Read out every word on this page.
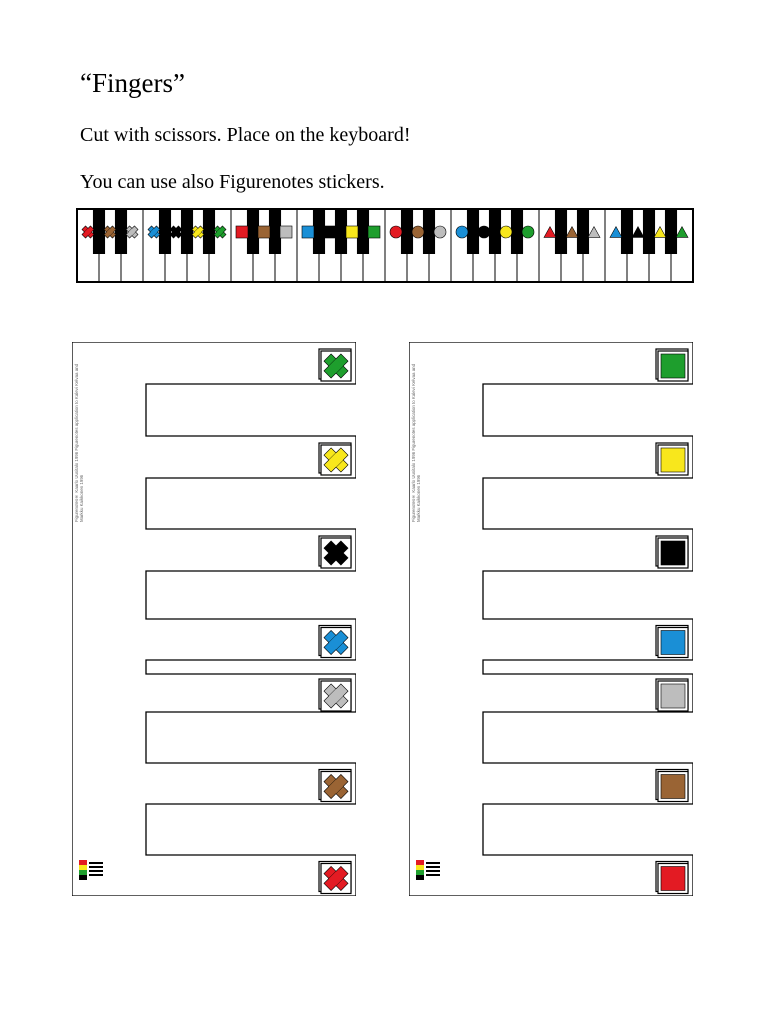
“Fingers”

Cut with scissors. Place on the keyboard!

You can use also Figurenotes stickers.

Figurenotes® Kaarlo Uusitalo 1996 Figurenotes application to Kalevi Kelvaa and Markku Kaikkonen 1996	Figurenotes® Kaarlo Uusitalo 1996 Figurenotes application to Kalevi Kelvaa and Markku Kaikkonen 1996
